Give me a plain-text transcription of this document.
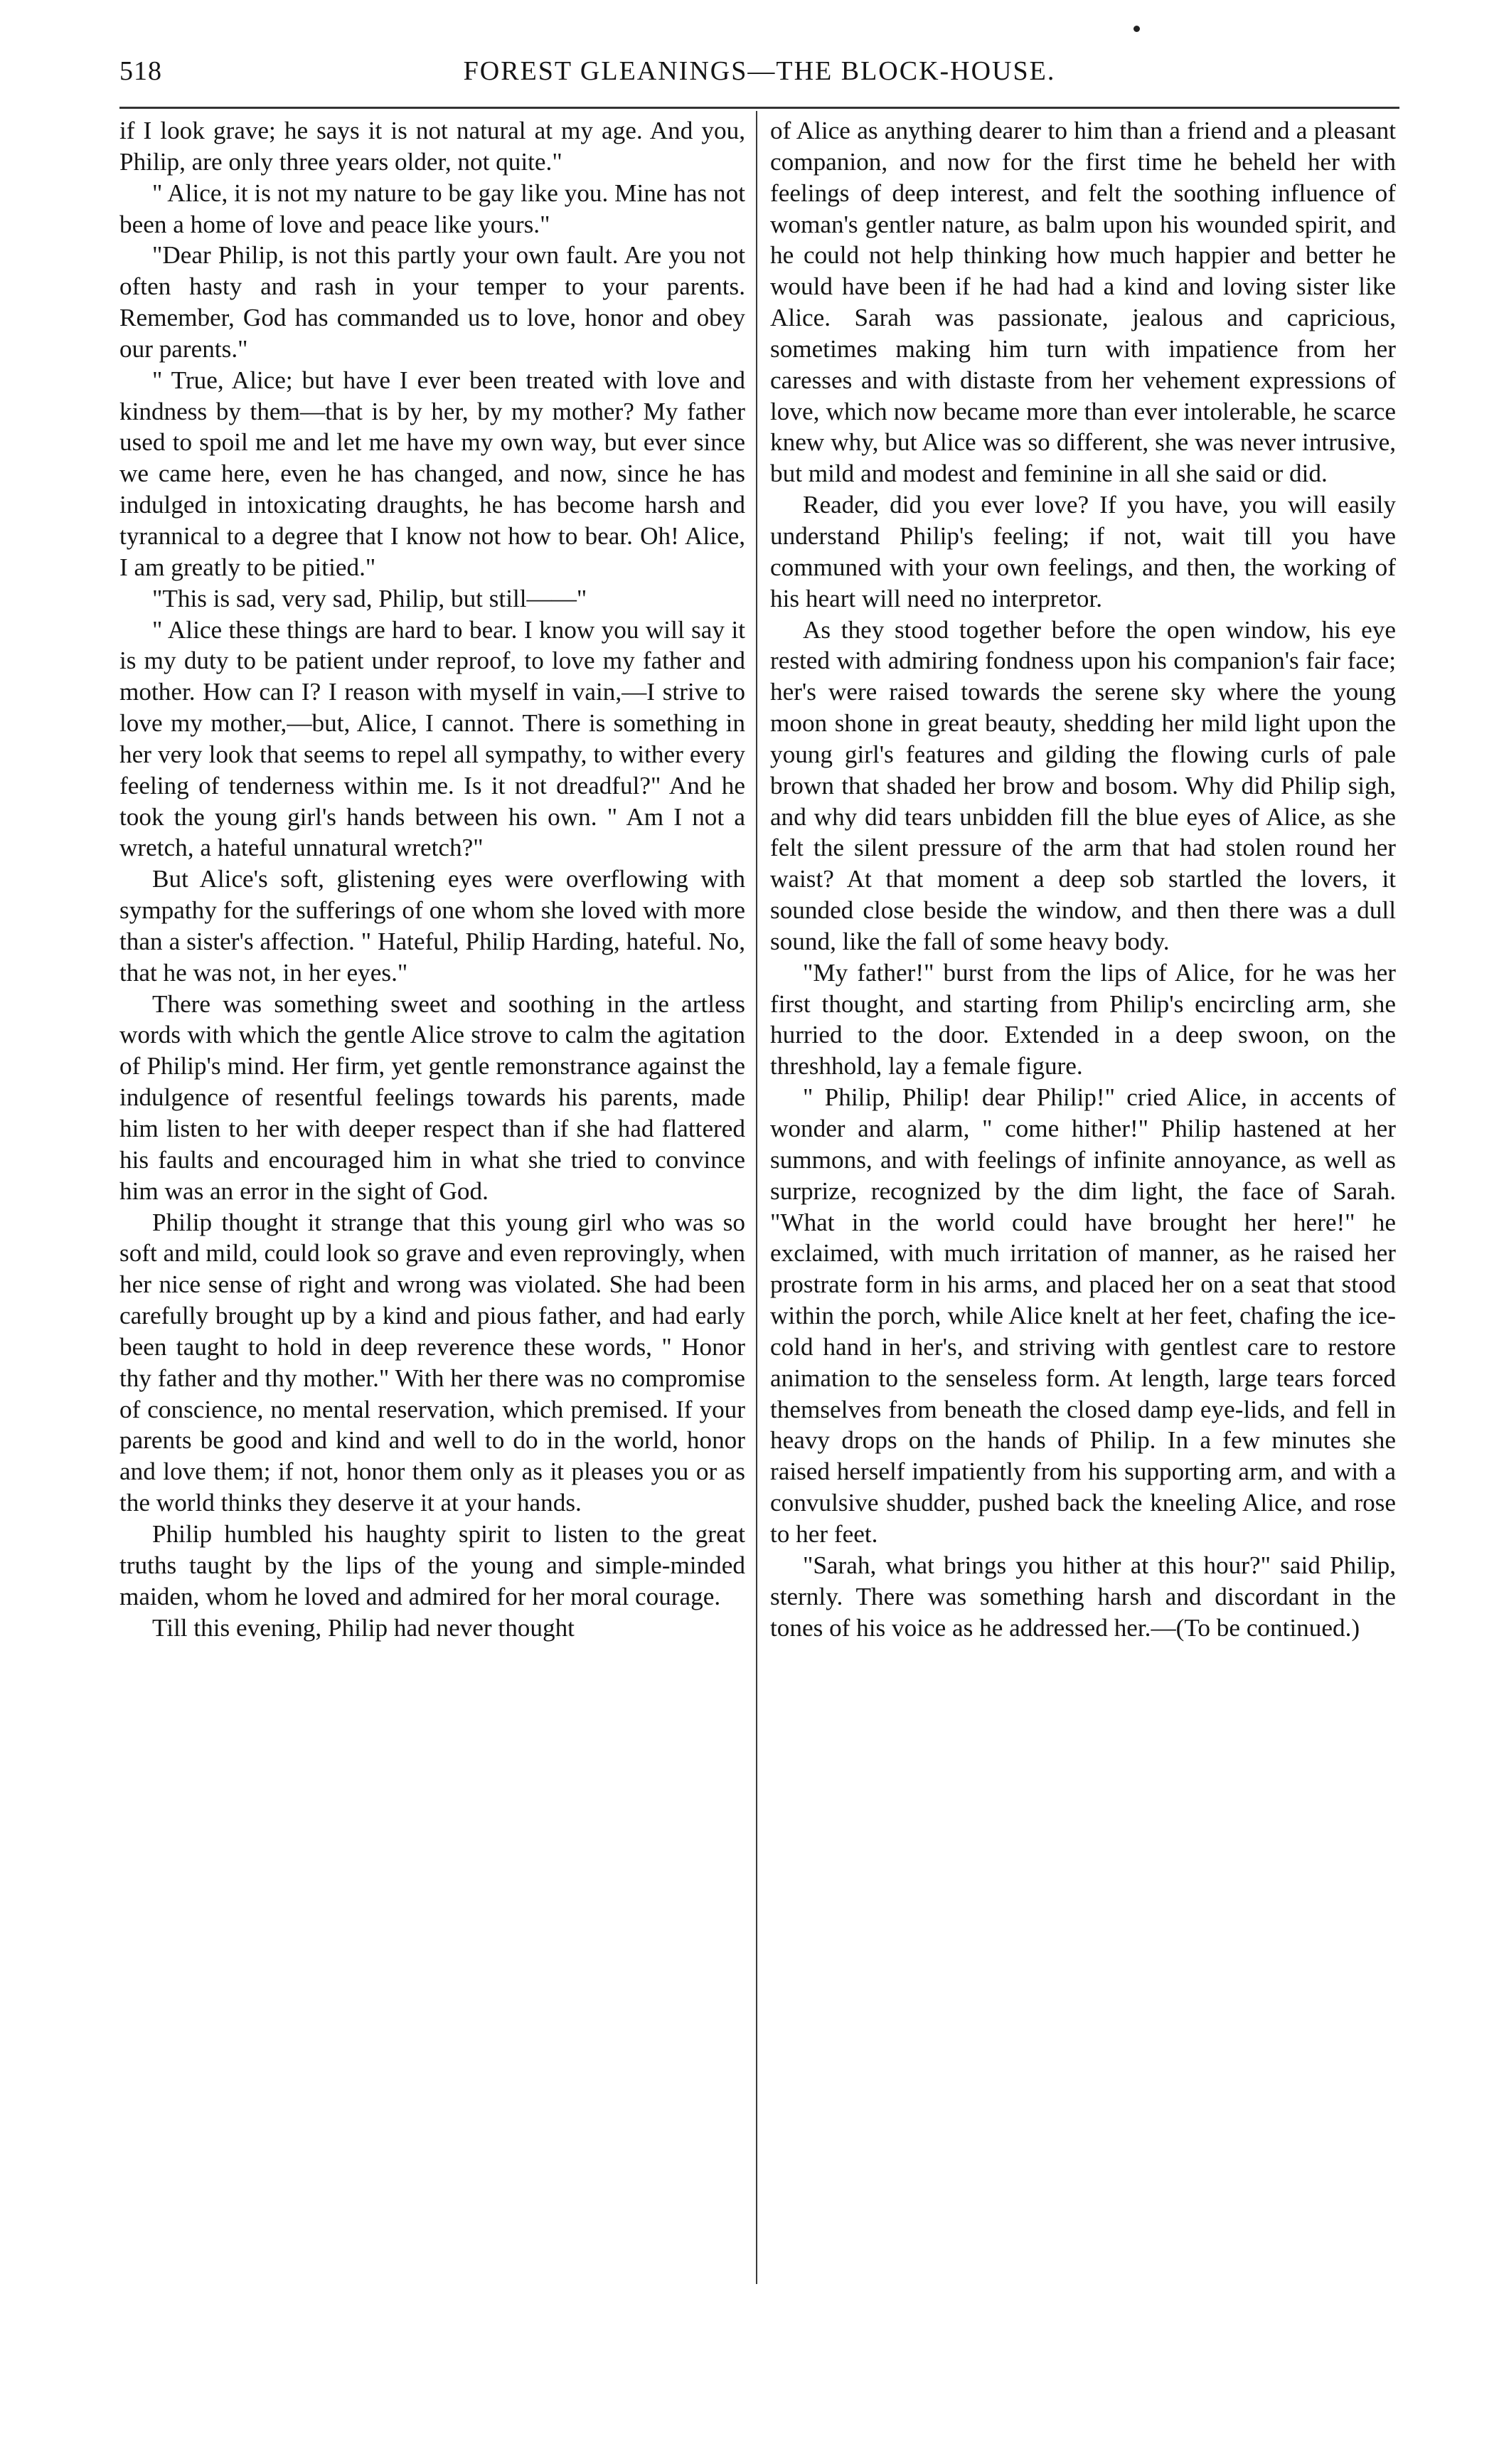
518	FOREST GLEANINGS—THE BLOCK-HOUSE.

if I look grave; he says it is not natural at my age. And you, Philip, are only three years older, not quite."

" Alice, it is not my nature to be gay like you. Mine has not been a home of love and peace like yours."

"Dear Philip, is not this partly your own fault. Are you not often hasty and rash in your temper to your parents. Remember, God has commanded us to love, honor and obey our parents."

" True, Alice; but have I ever been treated with love and kindness by them—that is by her, by my mother? My father used to spoil me and let me have my own way, but ever since we came here, even he has changed, and now, since he has indulged in intoxicating draughts, he has become harsh and tyrannical to a degree that I know not how to bear. Oh! Alice, I am greatly to be pitied."

"This is sad, very sad, Philip, but still——"

" Alice these things are hard to bear. I know you will say it is my duty to be patient under reproof, to love my father and mother. How can I? I reason with myself in vain,—I strive to love my mother,—but, Alice, I cannot. There is something in her very look that seems to repel all sympathy, to wither every feeling of tenderness within me. Is it not dreadful?" And he took the young girl's hands between his own. " Am I not a wretch, a hateful unnatural wretch?"

But Alice's soft, glistening eyes were overflowing with sympathy for the sufferings of one whom she loved with more than a sister's affection. " Hateful, Philip Harding, hateful. No, that he was not, in her eyes."

There was something sweet and soothing in the artless words with which the gentle Alice strove to calm the agitation of Philip's mind. Her firm, yet gentle remonstrance against the indulgence of resentful feelings towards his parents, made him listen to her with deeper respect than if she had flattered his faults and encouraged him in what she tried to convince him was an error in the sight of God.

Philip thought it strange that this young girl who was so soft and mild, could look so grave and even reprovingly, when her nice sense of right and wrong was violated. She had been carefully brought up by a kind and pious father, and had early been taught to hold in deep reverence these words, " Honor thy father and thy mother." With her there was no compromise of conscience, no mental reservation, which premised. If your parents be good and kind and well to do in the world, honor and love them; if not, honor them only as it pleases you or as the world thinks they deserve it at your hands.

Philip humbled his haughty spirit to listen to the great truths taught by the lips of the young and simple-minded maiden, whom he loved and admired for her moral courage.

Till this evening, Philip had never thought

of Alice as anything dearer to him than a friend and a pleasant companion, and now for the first time he beheld her with feelings of deep interest, and felt the soothing influence of woman's gentler nature, as balm upon his wounded spirit, and he could not help thinking how much happier and better he would have been if he had had a kind and loving sister like Alice. Sarah was passionate, jealous and capricious, sometimes making him turn with impatience from her caresses and with distaste from her vehement expressions of love, which now became more than ever intolerable, he scarce knew why, but Alice was so different, she was never intrusive, but mild and modest and feminine in all she said or did.

Reader, did you ever love? If you have, you will easily understand Philip's feeling; if not, wait till you have communed with your own feelings, and then, the working of his heart will need no interpretor.

As they stood together before the open window, his eye rested with admiring fondness upon his companion's fair face; her's were raised towards the serene sky where the young moon shone in great beauty, shedding her mild light upon the young girl's features and gilding the flowing curls of pale brown that shaded her brow and bosom. Why did Philip sigh, and why did tears unbidden fill the blue eyes of Alice, as she felt the silent pressure of the arm that had stolen round her waist? At that moment a deep sob startled the lovers, it sounded close beside the window, and then there was a dull sound, like the fall of some heavy body.

"My father!" burst from the lips of Alice, for he was her first thought, and starting from Philip's encircling arm, she hurried to the door. Extended in a deep swoon, on the threshhold, lay a female figure.

" Philip, Philip! dear Philip!" cried Alice, in accents of wonder and alarm, " come hither!" Philip hastened at her summons, and with feelings of infinite annoyance, as well as surprize, recognized by the dim light, the face of Sarah. "What in the world could have brought her here!" he exclaimed, with much irritation of manner, as he raised her prostrate form in his arms, and placed her on a seat that stood within the porch, while Alice knelt at her feet, chafing the ice-cold hand in her's, and striving with gentlest care to restore animation to the senseless form. At length, large tears forced themselves from beneath the closed damp eye-lids, and fell in heavy drops on the hands of Philip. In a few minutes she raised herself impatiently from his supporting arm, and with a convulsive shudder, pushed back the kneeling Alice, and rose to her feet.

"Sarah, what brings you hither at this hour?" said Philip, sternly. There was something harsh and discordant in the tones of his voice as he addressed her.—(To be continued.)
